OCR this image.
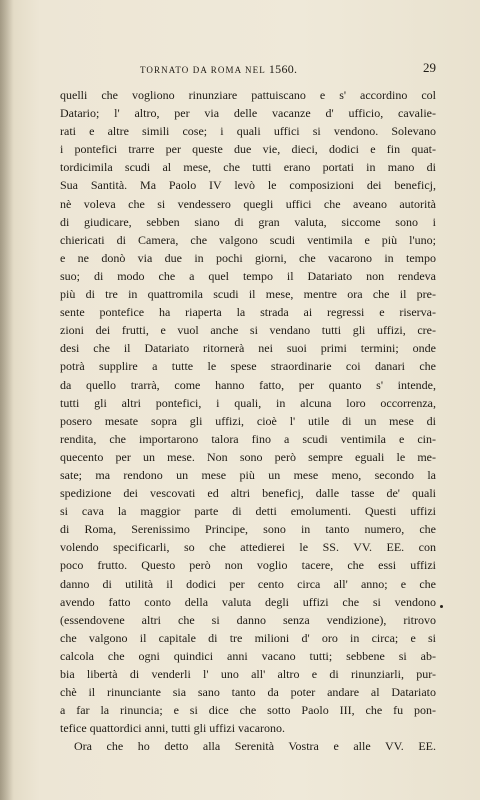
TORNATO DA ROMA NEL 1560.	29
quelli che vogliono rinunziare pattuiscano e s' accordino col
Datario; l' altro, per via delle vacanze d' ufficio, cavalie-
rati e altre simili cose; i quali uffici si vendono. Solevano
i pontefici trarre per queste due vie, dieci, dodici e fin quat-
tordicimila scudi al mese, che tutti erano portati in mano di
Sua Santità. Ma Paolo IV levò le composizioni dei beneficj,
nè voleva che si vendessero quegli uffici che aveano autorità
di giudicare, sebben siano di gran valuta, siccome sono i
chiericati di Camera, che valgono scudi ventimila e più l'uno;
e ne donò via due in pochi giorni, che vacarono in tempo
suo; di modo che a quel tempo il Datariato non rendeva
più di tre in quattromila scudi il mese, mentre ora che il pre-
sente pontefice ha riaperta la strada ai regressi e riserva-
zioni dei frutti, e vuol anche si vendano tutti gli uffizi, cre-
desi che il Datariato ritornerà nei suoi primi termini; onde
potrà supplire a tutte le spese straordinarie coi danari che
da quello trarrà, come hanno fatto, per quanto s' intende,
tutti gli altri pontefici, i quali, in alcuna loro occorrenza,
posero mesate sopra gli uffizi, cioè l' utile di un mese di
rendita, che importarono talora fino a scudi ventimila e cin-
quecento per un mese. Non sono però sempre eguali le me-
sate; ma rendono un mese più un mese meno, secondo la
spedizione dei vescovati ed altri beneficj, dalle tasse de' quali
si cava la maggior parte di detti emolumenti. Questi uffizi
di Roma, Serenissimo Principe, sono in tanto numero, che
volendo specificarli, so che attedierei le SS. VV. EE. con
poco frutto. Questo però non voglio tacere, che essi uffizi
danno di utilità il dodici per cento circa all' anno; e che
avendo fatto conto della valuta degli uffizi che si vendono
(essendovene altri che si danno senza vendizione), ritrovo
che valgono il capitale di tre milioni d' oro in circa; e si
calcola che ogni quindici anni vacano tutti; sebbene si ab-
bia libertà di venderli l' uno all' altro e di rinunziarli, pur-
chè il rinunciante sia sano tanto da poter andare al Datariato
a far la rinuncia; e si dice che sotto Paolo III, che fu pon-
tefice quattordici anni, tutti gli uffizi vacarono.
Ora che ho detto alla Serenità Vostra e alle VV. EE.
